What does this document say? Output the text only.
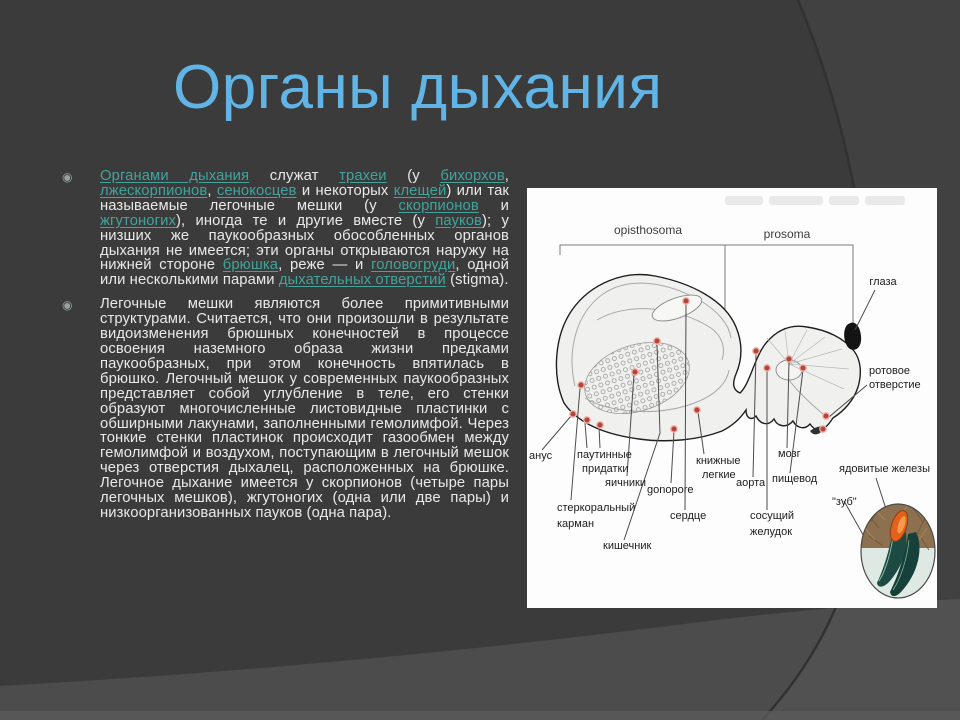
Органы дыхания
◉ Органами дыхания служат трахеи (у бихорхов, лжескорпионов, сенокосцев и некоторых клещей) или так называемые легочные мешки (у скорпионов и жгутоногих), иногда те и другие вместе (у пауков); у низших же паукообразных обособленных органов дыхания не имеется; эти органы открываются наружу на нижней стороне брюшка, реже — и головогруди, одной или несколькими парами дыхательных отверстий (stigma).

◉ Легочные мешки являются более примитивными структурами. Считается, что они произошли в результате видоизменения брюшных конечностей в процессе освоения наземного образа жизни предками паукообразных, при этом конечность впятилась в брюшко. Легочный мешок у современных паукообразных представляет собой углубление в теле, его стенки образуют многочисленные листовидные пластинки с обширными лакунами, заполненными гемолимфой. Через тонкие стенки пластинок происходит газообмен между гемолимфой и воздухом, поступающим в легочный мешок через отверстия дыхалец, расположенных на брюшке. Легочное дыхание имеется у скорпионов (четыре пары легочных мешков), жгутоногих (одна или две пары) и низкоорганизованных пауков (одна пара).

opisthosoma	prosoma
глаза
ротовое
отверстие
анус паутинные
придатки
яичники
gonopore
книжные
легкие
мозг
аорта пищевод
стеркоральный
карман
сердце	сосущий
желудок
кишечник
"зуб"
ядовитые железы
